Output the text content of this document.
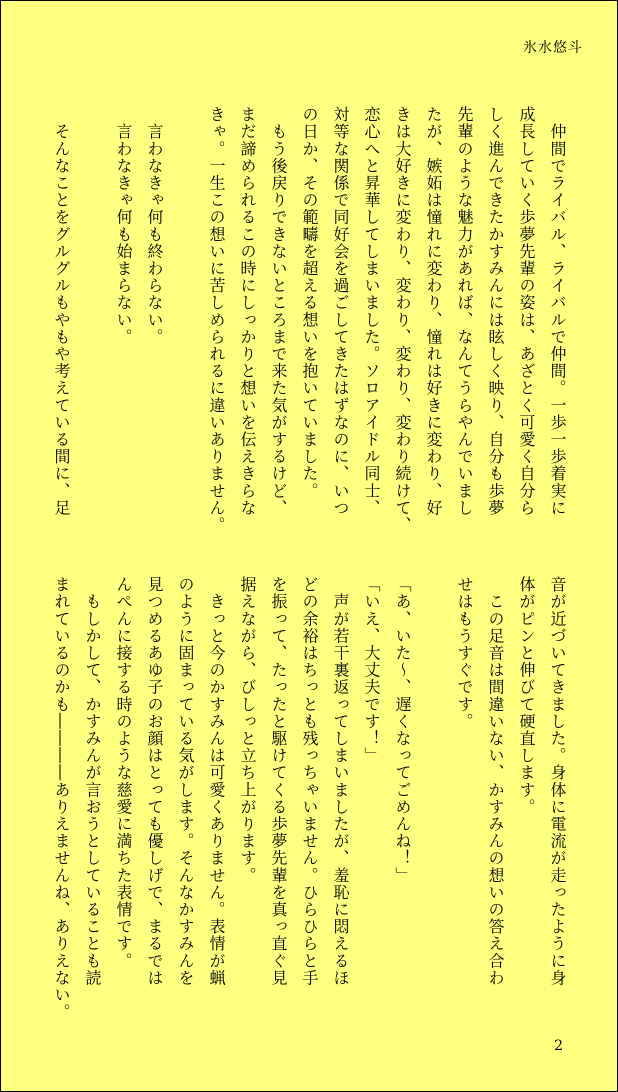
氷水悠斗
　仲間でライバル、ライバルで仲間。一歩一歩着実に
成長していく歩夢先輩の姿は、あざとく可愛く自分ら
しく進んできたかすみんには眩しく映り、自分も歩夢
先輩のような魅力があれば、なんてうらやんでいまし
たが、嫉妬は憧れに変わり、憧れは好きに変わり、好
きは大好きに変わり、変わり、変わり、変わり続けて、
恋心へと昇華してしまいました。ソロアイドル同士、
対等な関係で同好会を過ごしてきたはずなのに、いつ
の日か、その範疇を超える想いを抱いていました。
　もう後戻りできないところまで来た気がするけど、
まだ諦められるこの時にしっかりと想いを伝えきらな
きゃ。一生この想いに苦しめられるに違いありません。

　言わなきゃ何も終わらない。
　言わなきゃ何も始まらない。

　そんなことをグルグルもやもや考えている間に、足
音が近づいてきました。身体に電流が走ったように身
体がピンと伸びて硬直します。
　この足音は間違いない、かすみんの想いの答え合わ
せはもうすぐです。

「あ、いた〜、遅くなってごめんね！」
「いえ、大丈夫です！」
　声が若干裏返ってしまいましたが、羞恥に悶えるほ
どの余裕はちっとも残っちゃいません。ひらひらと手
を振って、たったと駆けてくる歩夢先輩を真っ直ぐ見
据えながら、びしっと立ち上がります。
　きっと今のかすみんは可愛くありません。表情が蝋
のように固まっている気がします。そんなかすみんを
見つめるあゆ子のお顔はとっても優しげで、まるでは
んぺんに接する時のような慈愛に満ちた表情です。
　もしかして、かすみんが言おうとしていることも読
まれているのかも――――ありえませんね、ありえない。
2
